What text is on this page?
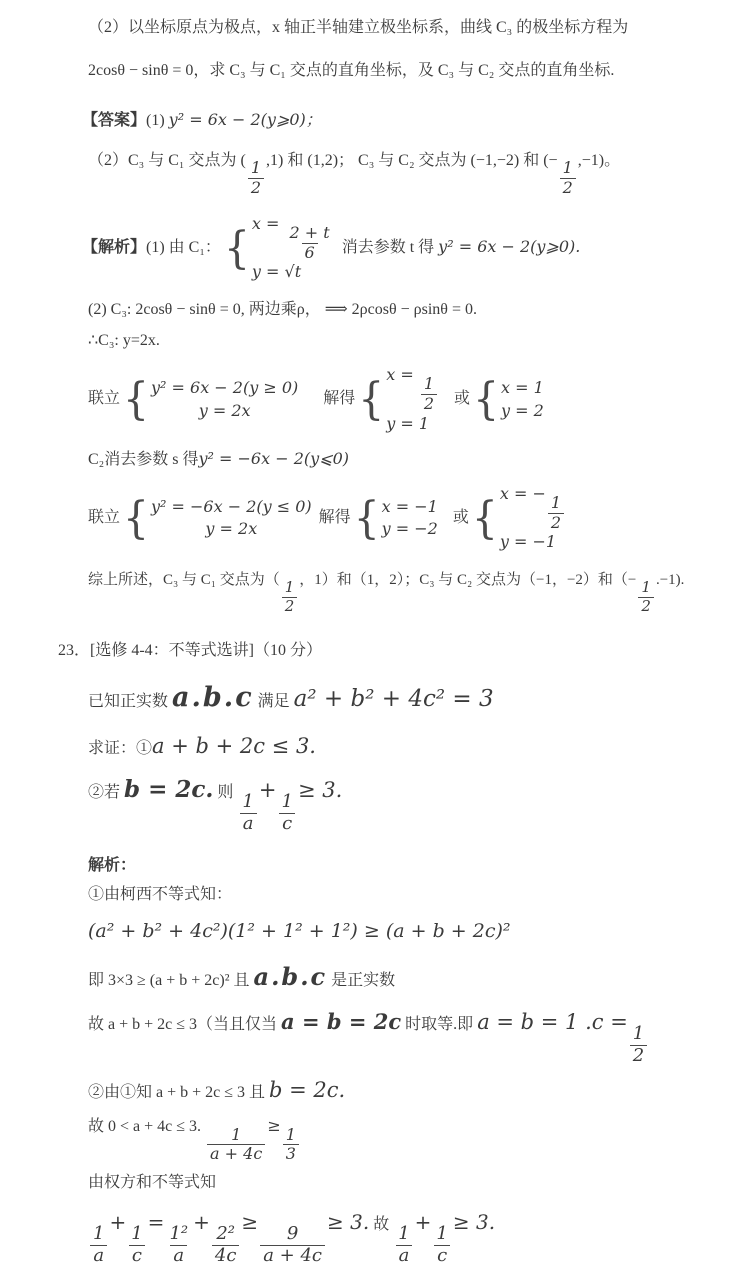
（2）以坐标原点为极点，x 轴正半轴建立极坐标系，曲线 C₃ 的极坐标方程为
2cosθ − sinθ = 0，求 C₃ 与 C₁ 交点的直角坐标，及 C₃ 与 C₂ 交点的直角坐标.
【答案】(1) y² = 6x − 2(y⩾0)；
（2）C₃ 与 C₁ 交点为 (
$\frac{1}{2}$
,1) 和 (1,2)； C₃ 与 C₂ 交点为 (−1,−2) 和 (−
$\frac{1}{2}$
,−1)。
【解析】(1) 由 C₁： { x =
$\frac{2 + t}{6}$
y = √t
消去参数 t 得 y² = 6x − 2(y⩾0).
(2) C₃: 2cosθ − sinθ = 0, 两边乘ρ， ⟹ 2ρcosθ − ρsinθ = 0.
∴C₃: y=2x.
联立 { y² = 6x − 2(y ≥ 0)
y = 2x
解得 { x =
$\frac{1}{2}$
y = 1
或 { x = 1
y = 2
C₂消去参数 s 得y² = −6x − 2(y⩽0)
联立 { y² = −6x − 2(y ≤ 0)
y = 2x
解得 { x = −1
y = −2
或 { x = −
$\frac{1}{2}$
y = −1
综上所述，C₃ 与 C₁ 交点为（
$\frac{1}{2}$
，1）和（1，2）；C₃ 与 C₂ 交点为（−1，−2）和（−
$\frac{1}{2}$
.−1).
23．[选修 4-4：不等式选讲]（10 分）
已知正实数 a.b.c 满足 a² + b² + 4c² = 3
求证：①a + b + 2c ≤ 3.
②若 b = 2c. 则
$\frac{1}{a}$
+
$\frac{1}{c}$
≥ 3.
解析：
①由柯西不等式知：
(a² + b² + 4c²)(1² + 1² + 1²) ≥ (a + b + 2c)²
即 3×3 ≥ (a + b + 2c)² 且 a.b.c 是正实数
故 a + b + 2c ≤ 3（当且仅当 a = b = 2c 时取等.即 a = b = 1 .c =
$\frac{1}{2}$
②由①知 a + b + 2c ≤ 3 且 b = 2c.
故 0 < a + 4c ≤ 3.
$\frac{1}{a + 4c}$
≥
$\frac{1}{3}$
由权方和不等式知
$\frac{1}{a}$
+
$\frac{1}{c}$
=
$\frac{\text{1²}}{a}$
+
$\frac{\text{2²}}{4c}$
≥
$\frac{9}{a + 4c}$
≥ 3. 故
$\frac{1}{a}$
+
$\frac{1}{c}$
≥ 3.
